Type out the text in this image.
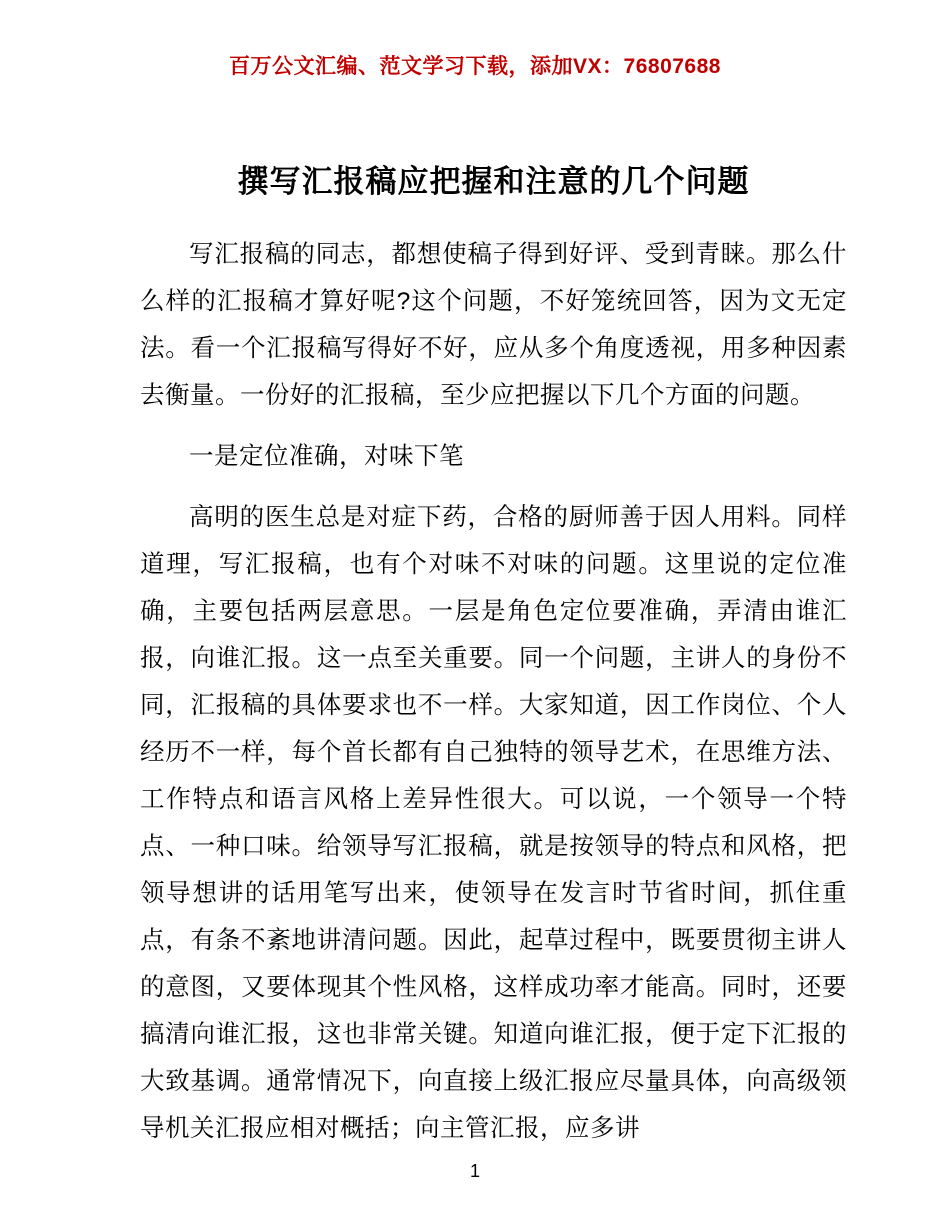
百万公文汇编、范文学习下载，添加VX：76807688
撰写汇报稿应把握和注意的几个问题

写汇报稿的同志，都想使稿子得到好评、受到青睐。那么什么样的汇报稿才算好呢?这个问题，不好笼统回答，因为文无定法。看一个汇报稿写得好不好，应从多个角度透视，用多种因素去衡量。一份好的汇报稿，至少应把握以下几个方面的问题。

一是定位准确，对味下笔

高明的医生总是对症下药，合格的厨师善于因人用料。同样道理，写汇报稿，也有个对味不对味的问题。这里说的定位准确，主要包括两层意思。一层是角色定位要准确，弄清由谁汇报，向谁汇报。这一点至关重要。同一个问题，主讲人的身份不同，汇报稿的具体要求也不一样。大家知道，因工作岗位、个人经历不一样，每个首长都有自己独特的领导艺术，在思维方法、工作特点和语言风格上差异性很大。可以说，一个领导一个特点、一种口味。给领导写汇报稿，就是按领导的特点和风格，把领导想讲的话用笔写出来，使领导在发言时节省时间，抓住重点，有条不紊地讲清问题。因此，起草过程中，既要贯彻主讲人的意图，又要体现其个性风格，这样成功率才能高。同时，还要搞清向谁汇报，这也非常关键。知道向谁汇报，便于定下汇报的大致基调。通常情况下，向直接上级汇报应尽量具体，向高级领导机关汇报应相对概括；向主管汇报，应多讲

1
